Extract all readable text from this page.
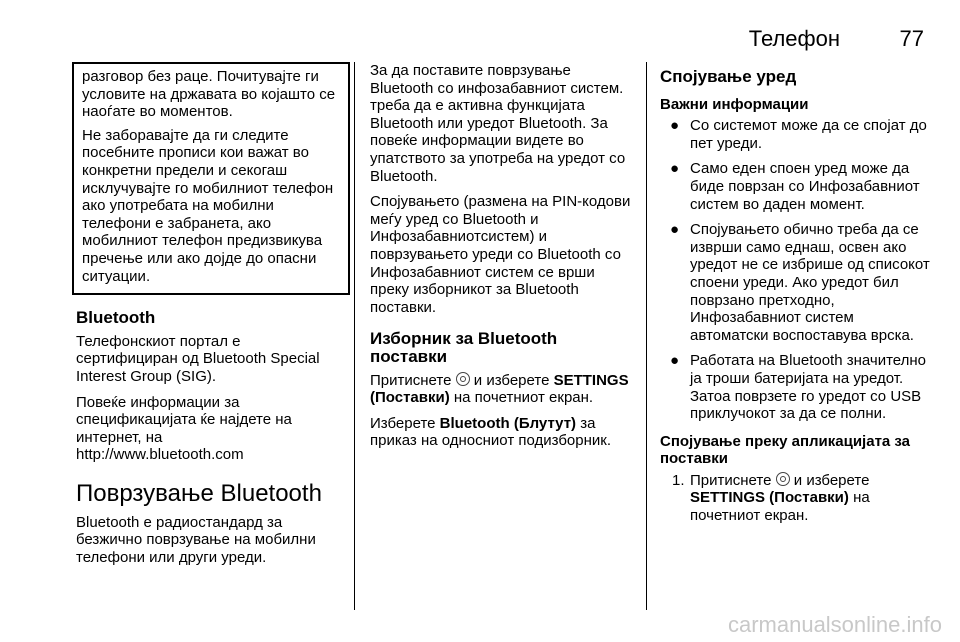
Телефон	77

разговор без раце. Почитувајте ги условите на државата во којашто се наоѓате во моментов.

Не заборавајте да ги следите посебните прописи кои важат во конкретни предели и секогаш исклучувајте го мобилниот телефон ако употребата на мобилни телефони е забранета, ако мобилниот телефон предизвикува пречење или ако дојде до опасни ситуации.

Bluetooth

Телефонскиот портал е сертифициран од Bluetooth Special Interest Group (SIG).

Повеќе информации за спецификацијата ќе најдете на интернет, на
http://www.bluetooth.com

Поврзување Bluetooth

Bluetooth е радиостандард за безжично поврзување на мобилни телефони или други уреди.

За да поставите поврзување Bluetooth со инфозабавниот систем. треба да е активна функцијата Bluetooth или уредот Bluetooth. За повеќе информации видете во упатството за употреба на уредот со Bluetooth.

Спојувањето (размена на PIN-кодови меѓу уред со Bluetooth и Инфозабавниотсистем) и поврзувањето уреди со Bluetooth со Инфозабавниот систем се врши преку изборникот за Bluetooth поставки.

Изборник за Bluetooth поставки

Притиснете и изберете SETTINGS (Поставки) на почетниот екран.

Изберете Bluetooth (Блутут) за приказ на односниот подизборник.

Спојување уред
Важни информации
● Со системот може да се спојат до пет уреди.
● Само еден споен уред може да биде поврзан со Инфозабавниот систем во даден момент.
● Спојувањето обично треба да се изврши само еднаш, освен ако уредот не се избрише од списокот споени уреди. Ако уредот бил поврзано претходно, Инфозабавниот систем автоматски воспоставува врска.
● Работата на Bluetooth значително ја троши батеријата на уредот. Затоа поврзете го уредот со USB приклучокот за да се полни.
Спојување преку апликацијата за поставки
1. Притиснете и изберете SETTINGS (Поставки) на почетниот екран.
carmanualsonline.info
